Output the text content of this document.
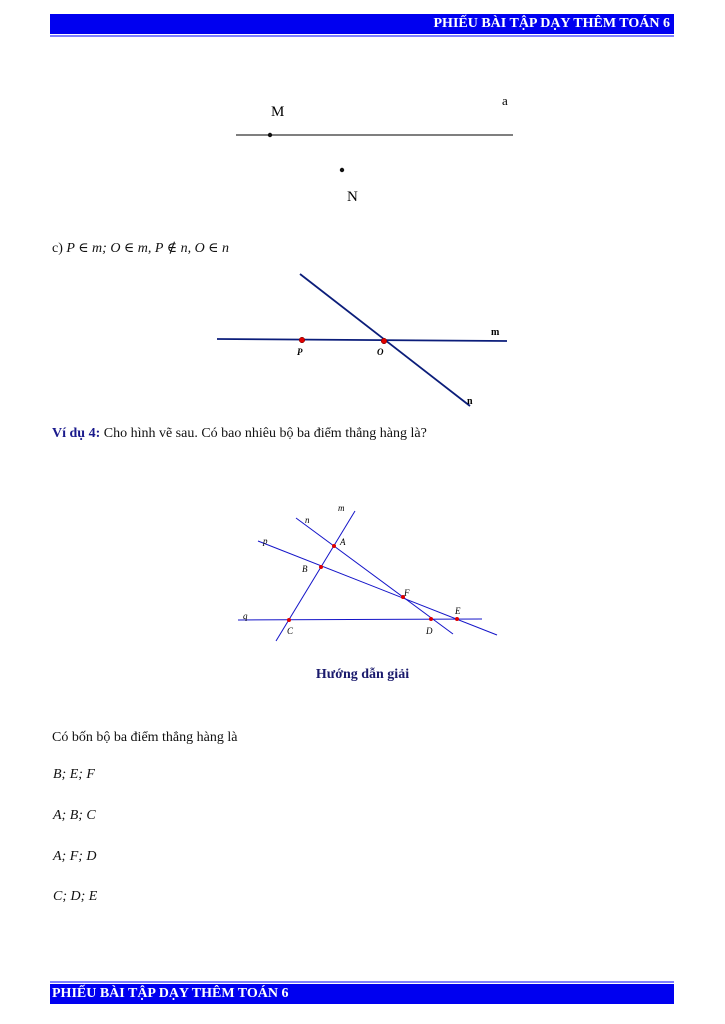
PHIẾU BÀI TẬP DẠY THÊM TOÁN 6
M
N
a
c) P ∈ m; O ∈ m, P ∉ n, O ∈ n
P	O
m
n
Ví dụ 4: Cho hình vẽ sau. Có bao nhiêu bộ ba điểm thẳng hàng là?
m
n
p
q
A
B
C	D
E
F
Hướng dẫn giải
Có bốn bộ ba điểm thẳng hàng là
B; E; F
A; B; C
A; F; D
C; D; E
PHIẾU BÀI TẬP DẠY THÊM TOÁN 6
